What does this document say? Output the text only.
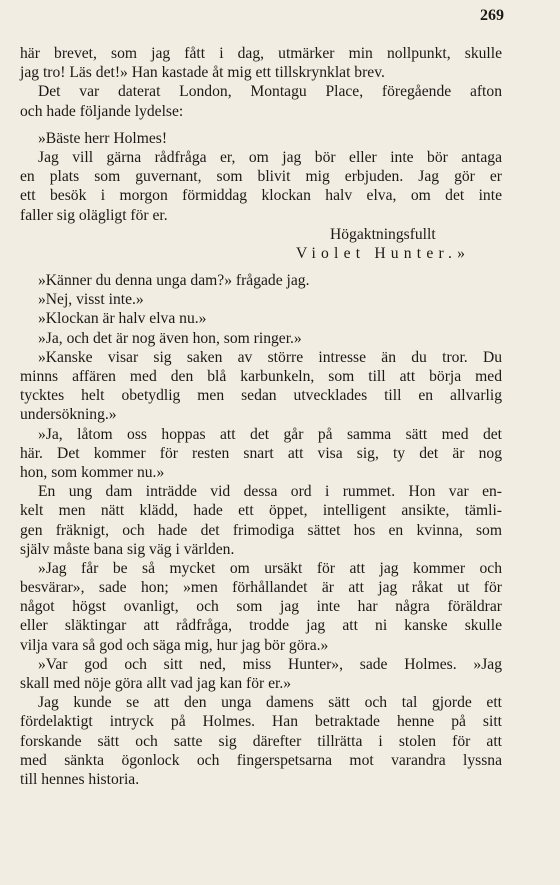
269
här brevet, som jag fått i dag, utmärker min nollpunkt, skulle
jag tro! Läs det!» Han kastade åt mig ett tillskrynklat brev.
Det var daterat London, Montagu Place, föregående afton
och hade följande lydelse:
»Bäste herr Holmes!
Jag vill gärna rådfråga er, om jag bör eller inte bör antaga
en plats som guvernant, som blivit mig erbjuden. Jag gör er
ett besök i morgon förmiddag klockan halv elva, om det inte
faller sig olägligt för er.
Högaktningsfullt
Violet Hunter.»
»Känner du denna unga dam?» frågade jag.
»Nej, visst inte.»
»Klockan är halv elva nu.»
»Ja, och det är nog även hon, som ringer.»
»Kanske visar sig saken av större intresse än du tror. Du
minns affären med den blå karbunkeln, som till att börja med
tycktes helt obetydlig men sedan utvecklades till en allvarlig
undersökning.»
»Ja, låtom oss hoppas att det går på samma sätt med det
här. Det kommer för resten snart att visa sig, ty det är nog
hon, som kommer nu.»
En ung dam inträdde vid dessa ord i rummet. Hon var en-
kelt men nätt klädd, hade ett öppet, intelligent ansikte, tämli-
gen fräknigt, och hade det frimodiga sättet hos en kvinna, som
själv måste bana sig väg i världen.
»Jag får be så mycket om ursäkt för att jag kommer och
besvärar», sade hon; »men förhållandet är att jag råkat ut för
något högst ovanligt, och som jag inte har några föräldrar
eller släktingar att rådfråga, trodde jag att ni kanske skulle
vilja vara så god och säga mig, hur jag bör göra.»
»Var god och sitt ned, miss Hunter», sade Holmes. »Jag
skall med nöje göra allt vad jag kan för er.»
Jag kunde se att den unga damens sätt och tal gjorde ett
fördelaktigt intryck på Holmes. Han betraktade henne på sitt
forskande sätt och satte sig därefter tillrätta i stolen för att
med sänkta ögonlock och fingerspetsarna mot varandra lyssna
till hennes historia.
